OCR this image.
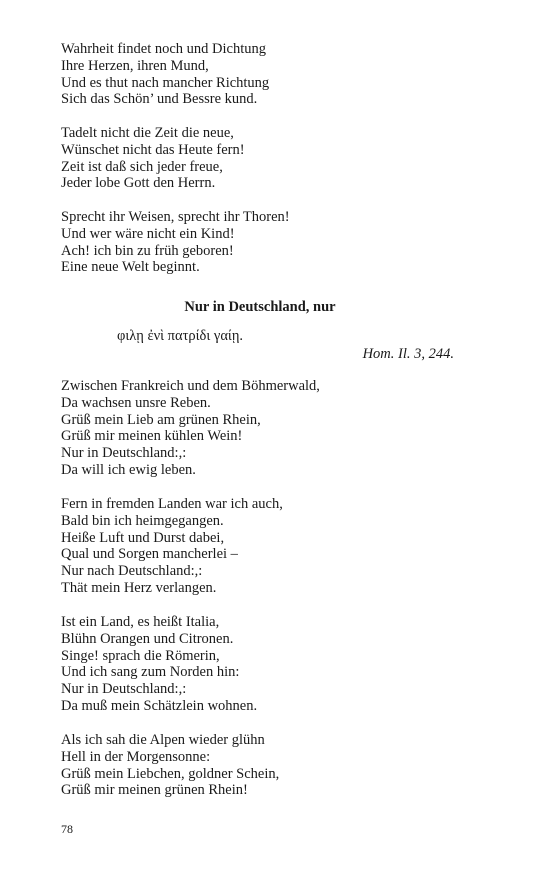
Wahrheit findet noch und Dichtung
Ihre Herzen, ihren Mund,
Und es thut nach mancher Richtung
Sich das Schön’ und Bessre kund.
Tadelt nicht die Zeit die neue,
Wünschet nicht das Heute fern!
Zeit ist daß sich jeder freue,
Jeder lobe Gott den Herrn.
Sprecht ihr Weisen, sprecht ihr Thoren!
Und wer wäre nicht ein Kind!
Ach! ich bin zu früh geboren!
Eine neue Welt beginnt.
Nur in Deutschland, nur
φιλῃ ἐνὶ πατρίδι γαίῃ.
Hom. Il. 3, 244.
Zwischen Frankreich und dem Böhmerwald,
Da wachsen unsre Reben.
Grüß mein Lieb am grünen Rhein,
Grüß mir meinen kühlen Wein!
Nur in Deutschland:,:
Da will ich ewig leben.
Fern in fremden Landen war ich auch,
Bald bin ich heimgegangen.
Heiße Luft und Durst dabei,
Qual und Sorgen mancherlei –
Nur nach Deutschland:,:
Thät mein Herz verlangen.
Ist ein Land, es heißt Italia,
Blühn Orangen und Citronen.
Singe! sprach die Römerin,
Und ich sang zum Norden hin:
Nur in Deutschland:,:
Da muß mein Schätzlein wohnen.
Als ich sah die Alpen wieder glühn
Hell in der Morgensonne:
Grüß mein Liebchen, goldner Schein,
Grüß mir meinen grünen Rhein!
78
